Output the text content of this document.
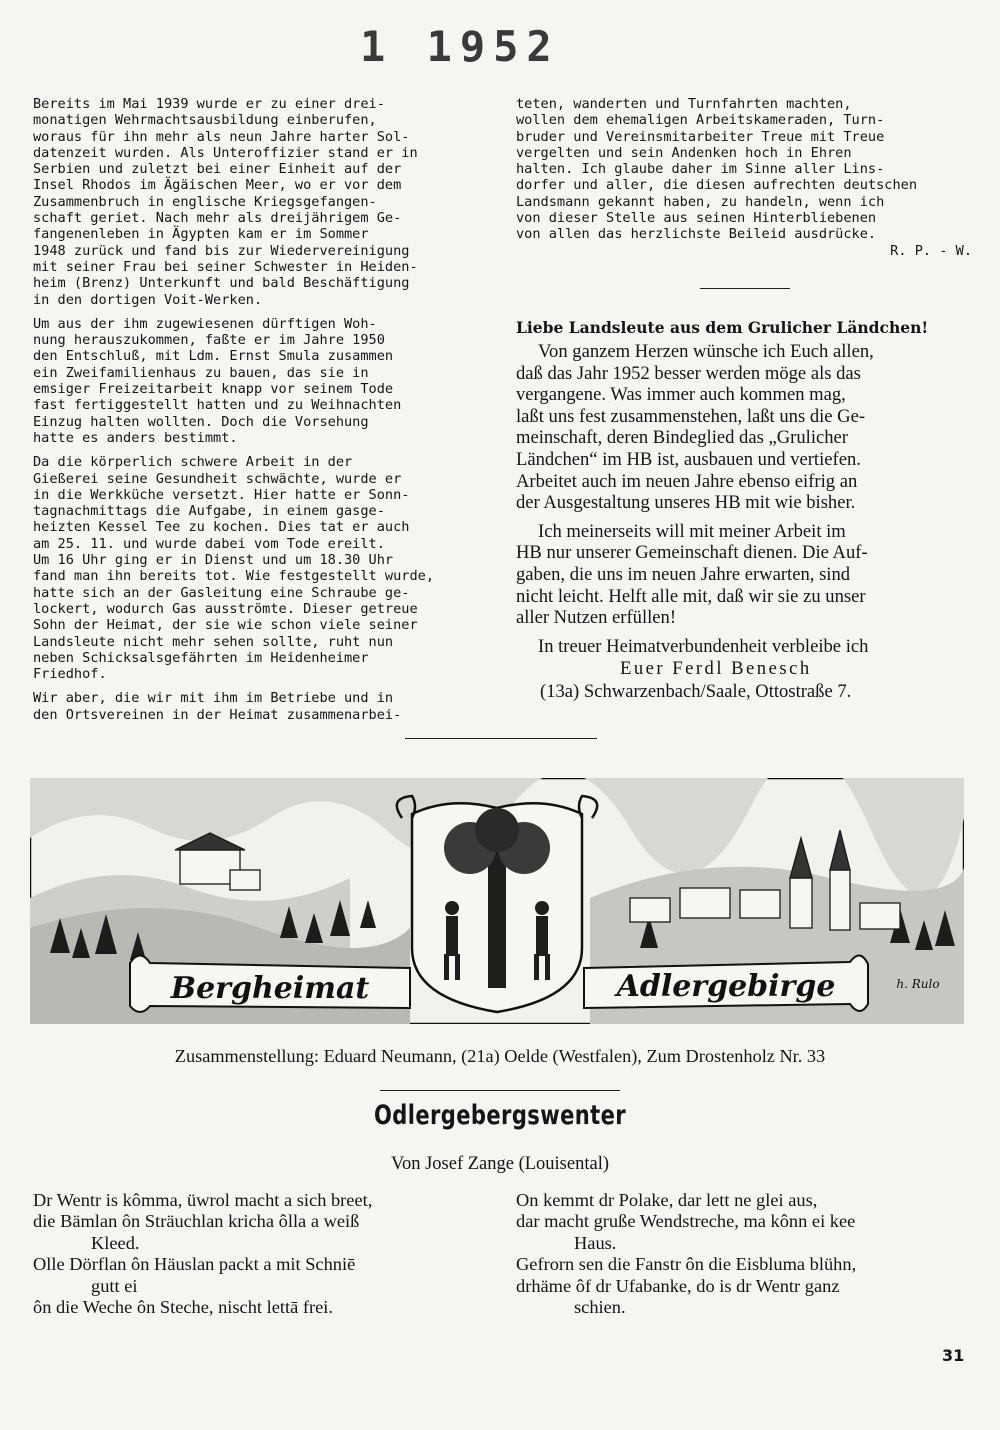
1 1952

Bereits im Mai 1939 wurde er zu einer drei-
monatigen Wehrmachtsausbildung einberufen,
woraus für ihn mehr als neun Jahre harter Sol-
datenzeit wurden. Als Unteroffizier stand er in
Serbien und zuletzt bei einer Einheit auf der
Insel Rhodos im Ägäischen Meer, wo er vor dem
Zusammenbruch in englische Kriegsgefangen-
schaft geriet. Nach mehr als dreijährigem Ge-
fangenenleben in Ägypten kam er im Sommer
1948 zurück und fand bis zur Wiedervereinigung
mit seiner Frau bei seiner Schwester in Heiden-
heim (Brenz) Unterkunft und bald Beschäftigung
in den dortigen Voit-Werken.

Um aus der ihm zugewiesenen dürftigen Woh-
nung herauszukommen, faßte er im Jahre 1950
den Entschluß, mit Ldm. Ernst Smula zusammen
ein Zweifamilienhaus zu bauen, das sie in
emsiger Freizeitarbeit knapp vor seinem Tode
fast fertiggestellt hatten und zu Weihnachten
Einzug halten wollten. Doch die Vorsehung
hatte es anders bestimmt.

Da die körperlich schwere Arbeit in der
Gießerei seine Gesundheit schwächte, wurde er
in die Werkküche versetzt. Hier hatte er Sonn-
tagnachmittags die Aufgabe, in einem gasge-
heizten Kessel Tee zu kochen. Dies tat er auch
am 25. 11. und wurde dabei vom Tode ereilt.
Um 16 Uhr ging er in Dienst und um 18.30 Uhr
fand man ihn bereits tot. Wie festgestellt wurde,
hatte sich an der Gasleitung eine Schraube ge-
lockert, wodurch Gas ausströmte. Dieser getreue
Sohn der Heimat, der sie wie schon viele seiner
Landsleute nicht mehr sehen sollte, ruht nun
neben Schicksalsgefährten im Heidenheimer
Friedhof.

Wir aber, die wir mit ihm im Betriebe und in
den Ortsvereinen in der Heimat zusammenarbei-

teten, wanderten und Turnfahrten machten,
wollen dem ehemaligen Arbeitskameraden, Turn-
bruder und Vereinsmitarbeiter Treue mit Treue
vergelten und sein Andenken hoch in Ehren
halten. Ich glaube daher im Sinne aller Lins-
dorfer und aller, die diesen aufrechten deutschen
Landsmann gekannt haben, zu handeln, wenn ich
von dieser Stelle aus seinen Hinterbliebenen
von allen das herzlichste Beileid ausdrücke.

R. P. - W.

Liebe Landsleute aus dem Grulicher Ländchen!

Von ganzem Herzen wünsche ich Euch allen,
daß das Jahr 1952 besser werden möge als das
vergangene. Was immer auch kommen mag,
laßt uns fest zusammenstehen, laßt uns die Ge-
meinschaft, deren Bindeglied das „Grulicher
Ländchen“ im HB ist, ausbauen und vertiefen.
Arbeitet auch im neuen Jahre ebenso eifrig an
der Ausgestaltung unseres HB mit wie bisher.

Ich meinerseits will mit meiner Arbeit im
HB nur unserer Gemeinschaft dienen. Die Auf-
gaben, die uns im neuen Jahre erwarten, sind
nicht leicht. Helft alle mit, daß wir sie zu unser
aller Nutzen erfüllen!

In treuer Heimatverbundenheit verbleibe ich

Euer Ferdl Benesch

(13a) Schwarzenbach/Saale, Ottostraße 7.

Bergheimat	Adlergebirge	h. Rulo
Zusammenstellung: Eduard Neumann, (21a) Oelde (Westfalen), Zum Drostenholz Nr. 33
Odlergebergswenter
Von Josef Zange (Louisental)

Dr Wentr is kômma, üwrol macht a sich breet,
die Bämlan ôn Sträuchlan kricha ôlla a weiß
Kleed.
Olle Dörflan ôn Häuslan packt a mit Schniē
gutt ei
ôn die Weche ôn Steche, nischt lettā frei.

On kemmt dr Polake, dar lett ne glei aus,
dar macht gruße Wendstreche, ma kônn ei kee
Haus.
Gefrorn sen die Fanstr ôn die Eisbluma blühn,
drhäme ôf dr Ufabanke, do is dr Wentr ganz
schien.

31
